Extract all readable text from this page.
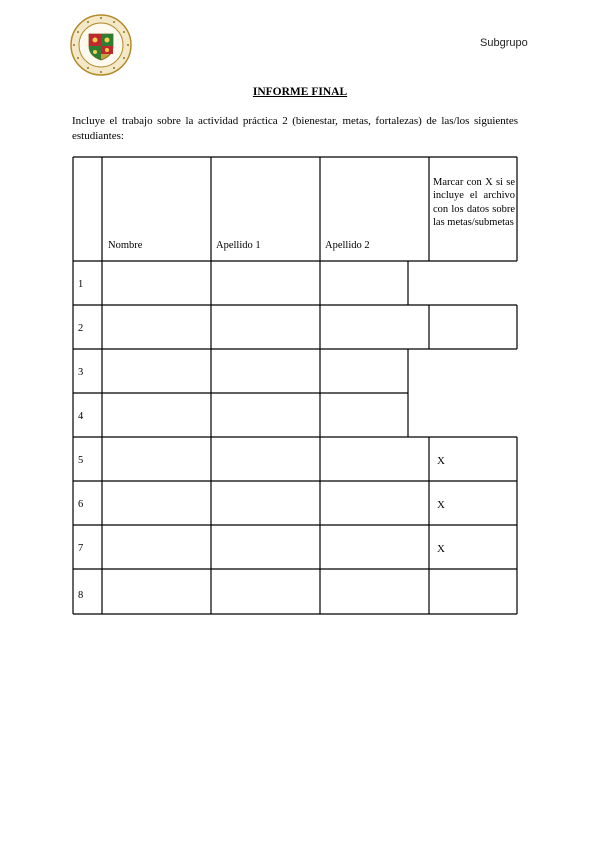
Subgrupo
INFORME FINAL
Incluye el trabajo sobre la actividad práctica 2 (bienestar, metas, fortalezas) de las/los siguientes estudiantes:
Nombre	Apellido 1	Apellido 2
Marcar con X si se incluye el archivo con los datos sobre las metas/submetas
1
2
3
4
5
6
7
8
X
X
X
